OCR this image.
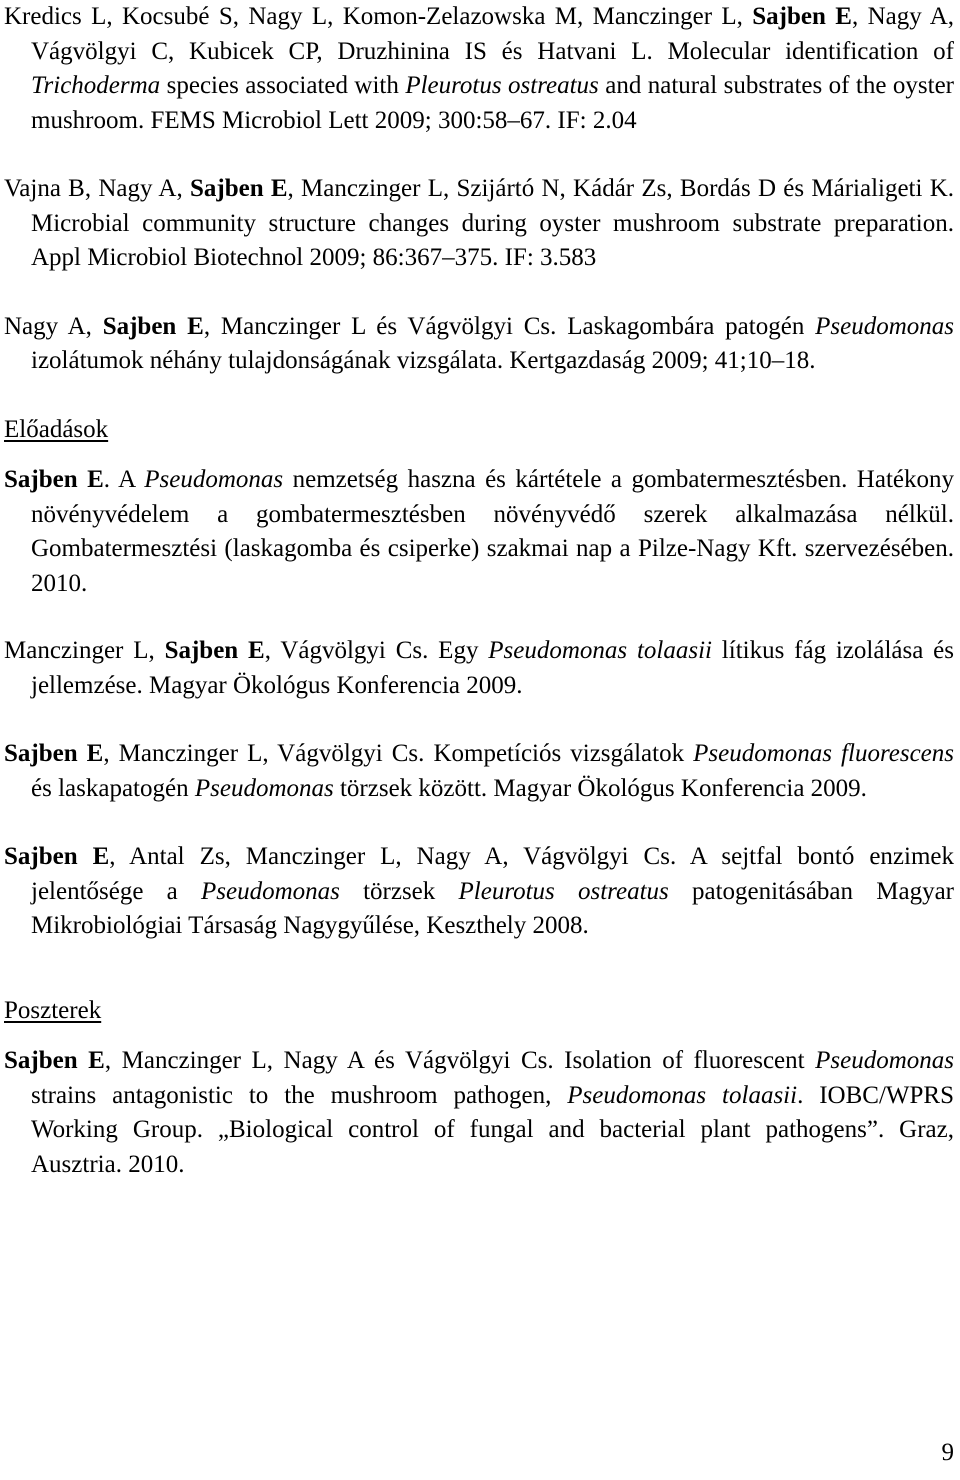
Kredics L, Kocsubé S, Nagy L, Komon-Zelazowska M, Manczinger L, Sajben E, Nagy A, Vágvölgyi C, Kubicek CP, Druzhinina IS és Hatvani L. Molecular identification of Trichoderma species associated with Pleurotus ostreatus and natural substrates of the oyster mushroom. FEMS Microbiol Lett 2009; 300:58–67. IF: 2.04

Vajna B, Nagy A, Sajben E, Manczinger L, Szijártó N, Kádár Zs, Bordás D és Márialigeti K. Microbial community structure changes during oyster mushroom substrate preparation. Appl Microbiol Biotechnol 2009; 86:367–375. IF: 3.583

Nagy A, Sajben E, Manczinger L és Vágvölgyi Cs. Laskagombára patogén Pseudomonas izolátumok néhány tulajdonságának vizsgálata. Kertgazdaság 2009; 41;10–18.

Előadások

Sajben E. A Pseudomonas nemzetség haszna és kártétele a gombatermesztésben. Hatékony növényvédelem a gombatermesztésben növényvédő szerek alkalmazása nélkül. Gombatermesztési (laskagomba és csiperke) szakmai nap a Pilze-Nagy Kft. szervezésében. 2010.

Manczinger L, Sajben E, Vágvölgyi Cs. Egy Pseudomonas tolaasii lítikus fág izolálása és jellemzése. Magyar Ökológus Konferencia 2009.

Sajben E, Manczinger L, Vágvölgyi Cs. Kompetíciós vizsgálatok Pseudomonas fluorescens és laskapatogén Pseudomonas törzsek között. Magyar Ökológus Konferencia 2009.

Sajben E, Antal Zs, Manczinger L, Nagy A, Vágvölgyi Cs. A sejtfal bontó enzimek jelentősége a Pseudomonas törzsek Pleurotus ostreatus patogenitásában Magyar Mikrobiológiai Társaság Nagygyűlése, Keszthely 2008.

Poszterek

Sajben E, Manczinger L, Nagy A és Vágvölgyi Cs. Isolation of fluorescent Pseudomonas strains antagonistic to the mushroom pathogen, Pseudomonas tolaasii. IOBC/WPRS Working Group. „Biological control of fungal and bacterial plant pathogens”. Graz, Ausztria. 2010.

9
